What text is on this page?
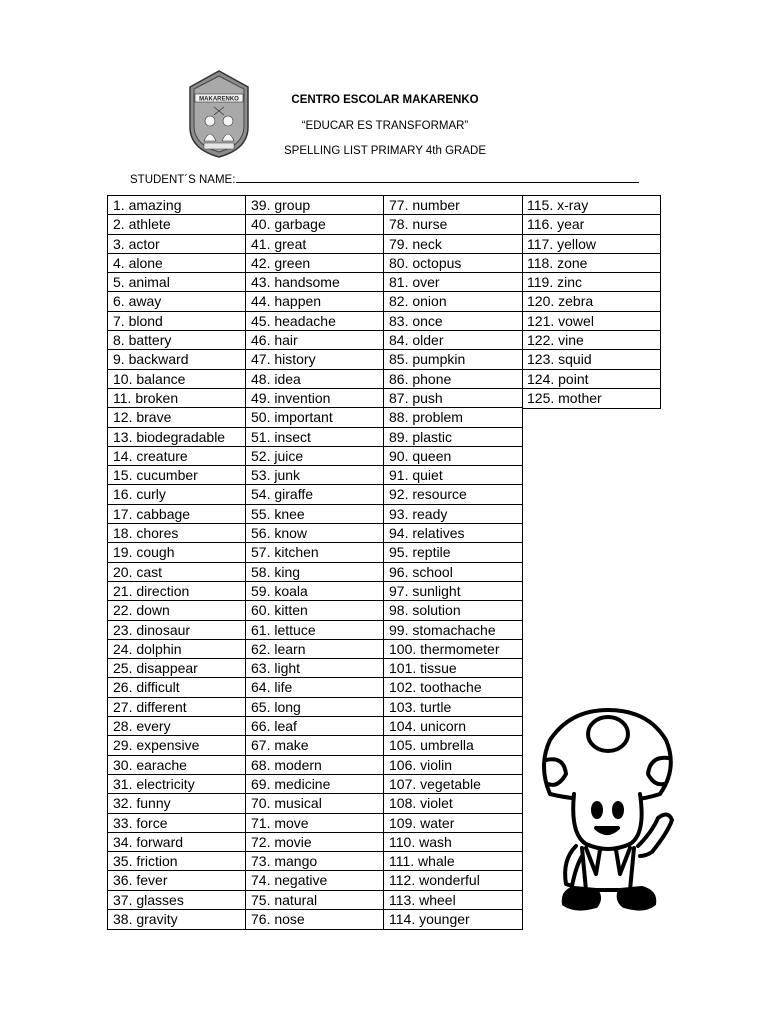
MAKARENKO	CENTRO ESCOLAR MAKARENKO
“EDUCAR ES TRANSFORMAR”
SPELLING LIST PRIMARY 4th GRADE
STUDENT´S NAME:
1. amazing
2. athlete
3. actor
4. alone
5. animal
6. away
7. blond
8. battery
9. backward
10. balance
11. broken
12. brave
13. biodegradable
14. creature
15. cucumber
16. curly
17. cabbage
18. chores
19. cough
20. cast
21. direction
22. down
23. dinosaur
24. dolphin
25. disappear
26. difficult
27. different
28. every
29. expensive
30. earache
31. electricity
32. funny
33. force
34. forward
35. friction
36. fever
37. glasses
38. gravity
39. group
40. garbage
41. great
42. green
43. handsome
44. happen
45. headache
46. hair
47. history
48. idea
49. invention
50. important
51. insect
52. juice
53. junk
54. giraffe
55. knee
56. know
57. kitchen
58. king
59. koala
60. kitten
61. lettuce
62. learn
63. light
64. life
65. long
66. leaf
67. make
68. modern
69. medicine
70. musical
71. move
72. movie
73. mango
74. negative
75. natural
76. nose
77. number
78. nurse
79. neck
80. octopus
81. over
82. onion
83. once
84. older
85. pumpkin
86. phone
87. push
88. problem
89. plastic
90. queen
91. quiet
92. resource
93. ready
94. relatives
95. reptile
96. school
97. sunlight
98. solution
99. stomachache
100. thermometer
101. tissue
102. toothache
103. turtle
104. unicorn
105. umbrella
106. violin
107. vegetable
108. violet
109. water
110. wash
111. whale
112. wonderful
113. wheel
114. younger
115. x-ray
116. year
117. yellow
118. zone
119. zinc
120. zebra
121. vowel
122. vine
123. squid
124. point
125. mother
